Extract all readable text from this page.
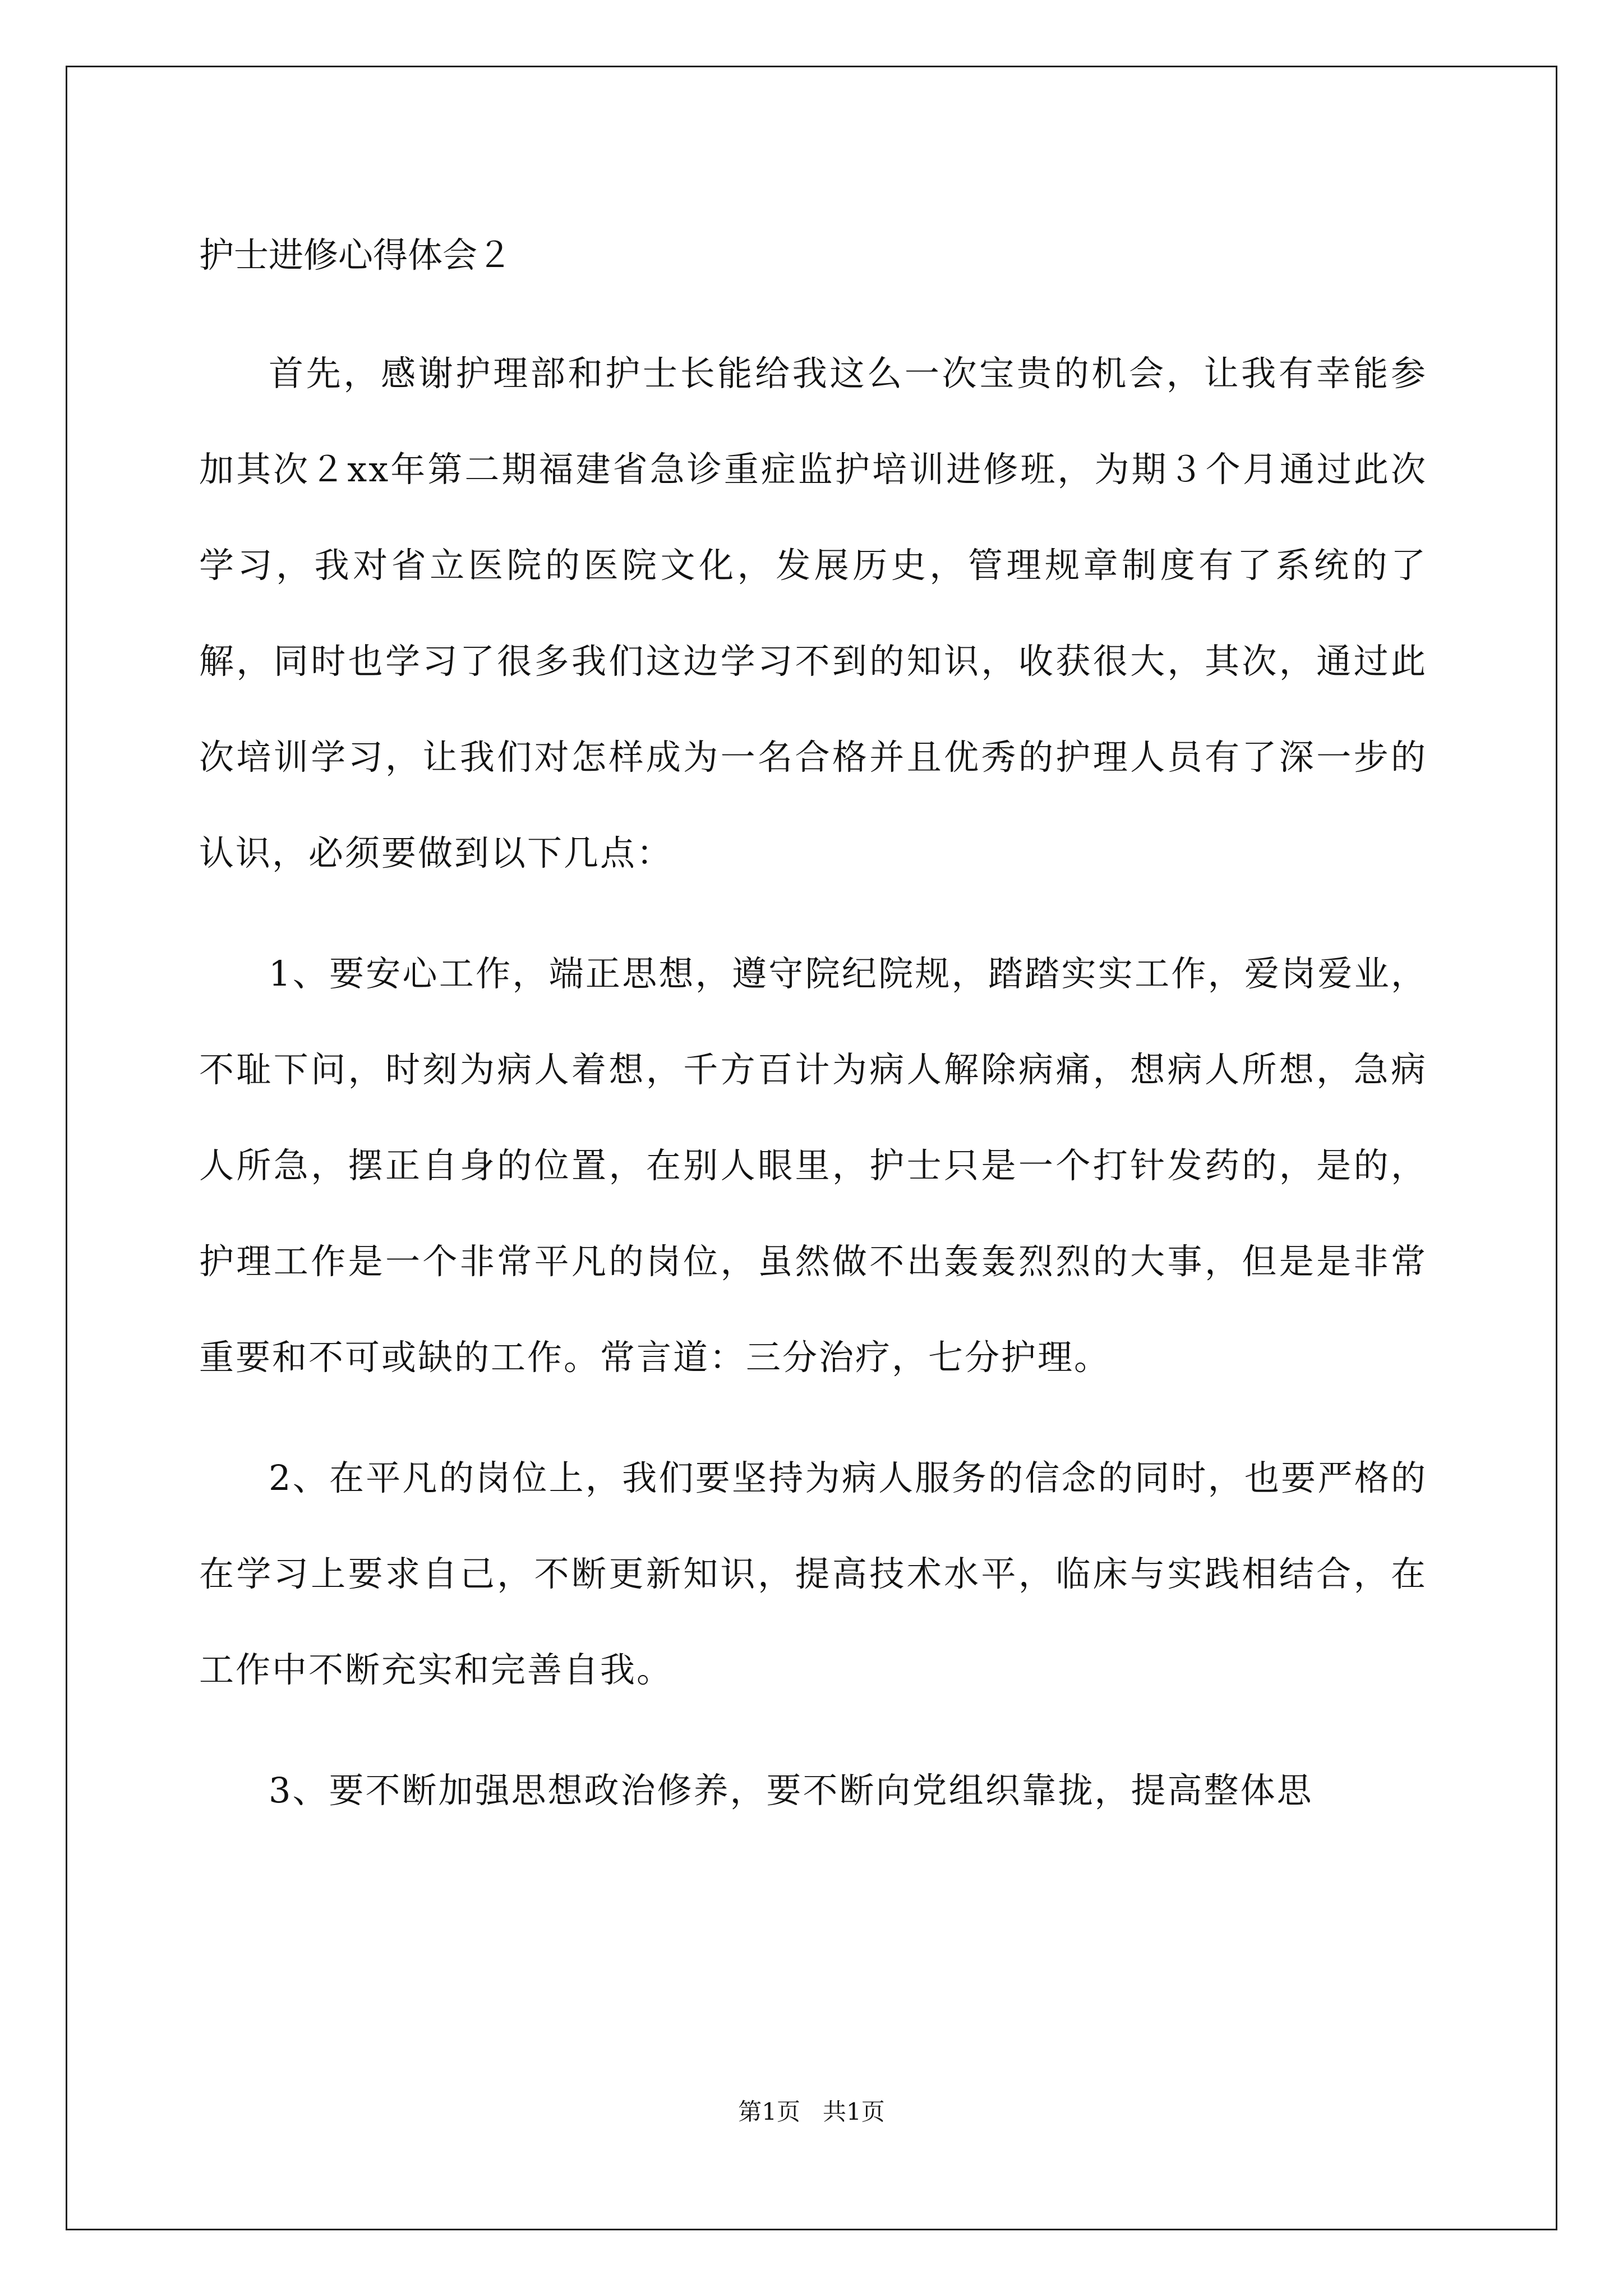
护士进修心得体会２

首先，感谢护理部和护士长能给我这么一次宝贵的机会，让我有幸能参加其次２xx年第二期福建省急诊重症监护培训进修班，为期３个月通过此次学习，我对省立医院的医院文化，发展历史，管理规章制度有了系统的了解，同时也学习了很多我们这边学习不到的知识，收获很大，其次，通过此次培训学习，让我们对怎样成为一名合格并且优秀的护理人员有了深一步的认识，必须要做到以下几点：

1、要安心工作，端正思想，遵守院纪院规，踏踏实实工作，爱岗爱业，不耻下问，时刻为病人着想，千方百计为病人解除病痛，想病人所想，急病人所急，摆正自身的位置，在别人眼里，护士只是一个打针发药的，是的，护理工作是一个非常平凡的岗位，虽然做不出轰轰烈烈的大事，但是是非常重要和不可或缺的工作。常言道：三分治疗，七分护理。

2、在平凡的岗位上，我们要坚持为病人服务的信念的同时，也要严格的在学习上要求自己，不断更新知识，提高技术水平，临床与实践相结合，在工作中不断充实和完善自我。

3、要不断加强思想政治修养，要不断向党组织靠拢，提高整体思

第1页 共1页
